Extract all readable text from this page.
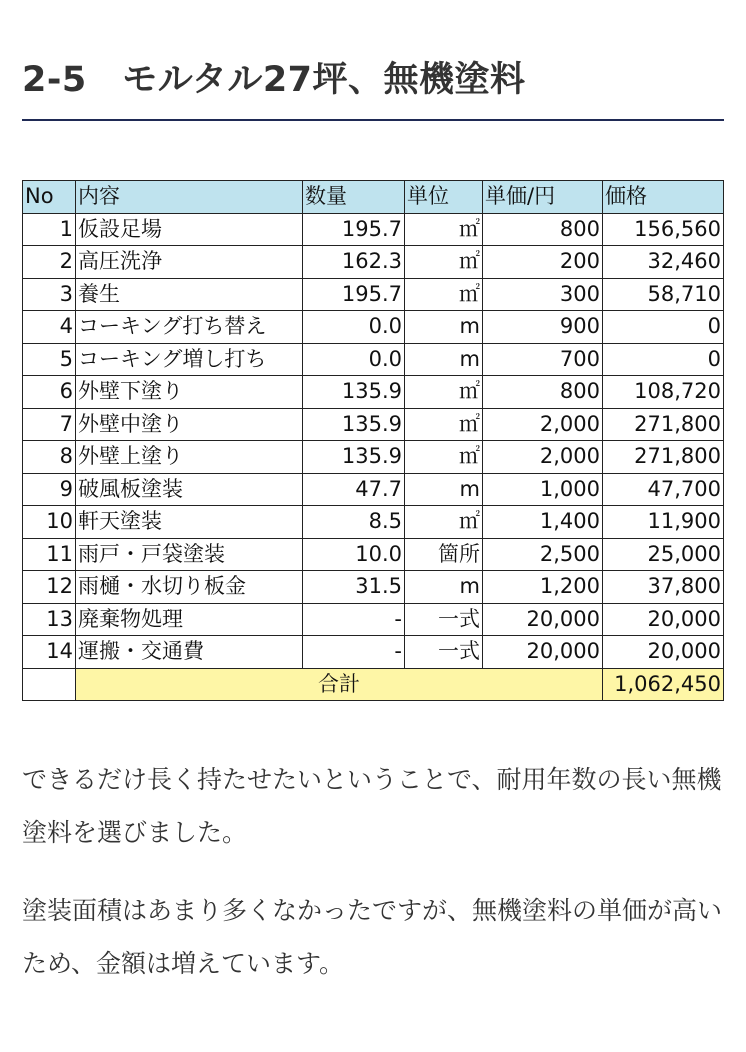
2-5　モルタル27坪、無機塗料
No	内容	数量	単位	単価/円	価格
1	仮設足場	195.7	㎡	800	156,560
2	高圧洗浄	162.3	㎡	200	32,460
3	養生	195.7	㎡	300	58,710
4	コーキング打ち替え	0.0	m	900	0
5	コーキング増し打ち	0.0	m	700	0
6	外壁下塗り	135.9	㎡	800	108,720
7	外壁中塗り	135.9	㎡	2,000	271,800
8	外壁上塗り	135.9	㎡	2,000	271,800
9	破風板塗装	47.7	m	1,000	47,700
10	軒天塗装	8.5	㎡	1,400	11,900
11	雨戸・戸袋塗装	10.0	箇所	2,500	25,000
12	雨樋・水切り板金	31.5	m	1,200	37,800
13	廃棄物処理	-	一式	20,000	20,000
14	運搬・交通費	-	一式	20,000	20,000
	合計				1,062,450
できるだけ長く持たせたいということで、耐用年数の長い無機塗料を選びました。
塗装面積はあまり多くなかったですが、無機塗料の単価が高いため、金額は増えています。
